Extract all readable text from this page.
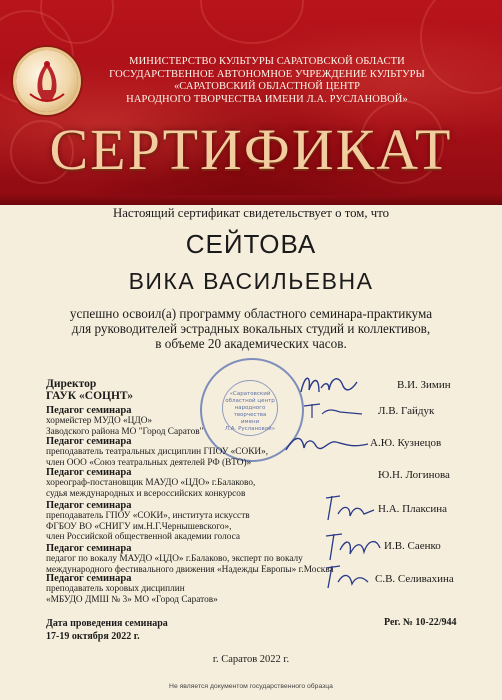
МИНИСТЕРСТВО КУЛЬТУРЫ САРАТОВСКОЙ ОБЛАСТИ
ГОСУДАРСТВЕННОЕ АВТОНОМНОЕ УЧРЕЖДЕНИЕ КУЛЬТУРЫ
«САРАТОВСКИЙ ОБЛАСТНОЙ ЦЕНТР
НАРОДНОГО ТВОРЧЕСТВА ИМЕНИ Л.А. РУСЛАНОВОЙ»
СЕРТИФИКАТ
Настоящий сертификат свидетельствует о том, что
СЕЙТОВА
ВИКА ВАСИЛЬЕВНА
успешно освоил(а) программу областного семинара-практикума
для руководителей эстрадных вокальных студий и коллективов,
в объеме 20 академических часов.
«Саратовский
областной центр
народного творчества
имени
Л.А. Руслановой»
Директор
ГАУК «СОЦНТ»
В.И. Зимин
Педагог семинара
хормейстер МУДО «ЦДО»
Заводского района МО "Город Саратов"
Л.В. Гайдук
Педагог семинара
преподаватель театральных дисциплин ГПОУ «СОКИ»,
член ООО «Союз театральных деятелей РФ (ВТО)»
А.Ю. Кузнецов
Педагог семинара
хореограф-постановщик МАУДО «ЦДО» г.Балаково,
судья международных и всероссийских конкурсов
Ю.Н. Логинова
Педагог семинара
преподаватель ГПОУ «СОКИ», института искусств
ФГБОУ ВО «СНИГУ им.Н.Г.Чернышевского»,
член Российской общественной академии голоса
Н.А. Плаксина
Педагог семинара
педагог по вокалу МАУДО «ЦДО» г.Балаково, эксперт по вокалу
международного фестивального движения «Надежды Европы» г.Москва
И.В. Саенко
Педагог семинара
преподаватель хоровых дисциплин
«МБУДО ДМШ № 3» МО «Город Саратов»
С.В. Селивахина
Дата проведения семинара
17-19 октября 2022 г.
Рег. № 10-22/944
г. Саратов 2022 г.
Не является документом государственного образца
